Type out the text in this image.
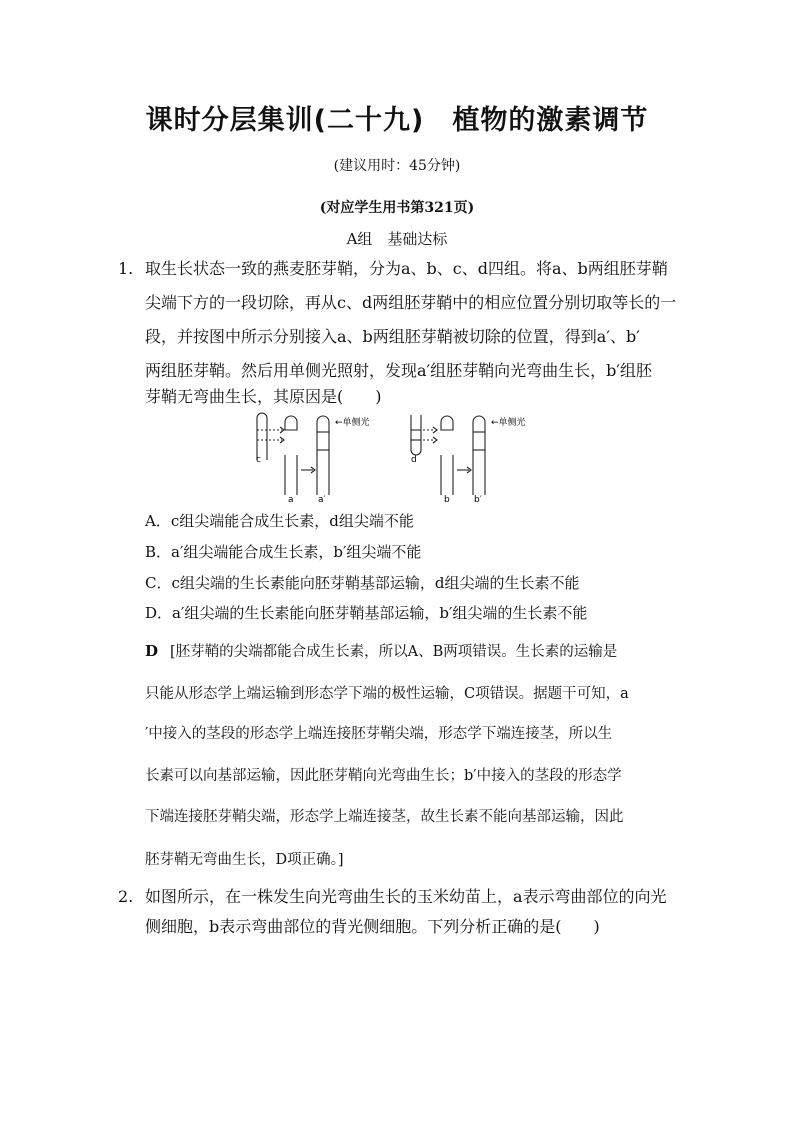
课时分层集训(二十九) 植物的激素调节
(建议用时：45分钟)
(对应学生用书第321页)
A组　基础达标
1. 取生长状态一致的燕麦胚芽鞘，分为a、b、c、d四组。将a、b两组胚芽鞘
尖端下方的一段切除，再从c、d两组胚芽鞘中的相应位置分别切取等长的一
段，并按图中所示分别接入a、b两组胚芽鞘被切除的位置，得到a′、b′
两组胚芽鞘。然后用单侧光照射，发现a′组胚芽鞘向光弯曲生长，b′组胚
芽鞘无弯曲生长，其原因是(　　)
←单侧光	←单侧光
c
a	a′
d
b	b′
A．c组尖端能合成生长素，d组尖端不能
B．a′组尖端能合成生长素，b′组尖端不能
C．c组尖端的生长素能向胚芽鞘基部运输，d组尖端的生长素不能
D．a′组尖端的生长素能向胚芽鞘基部运输，b′组尖端的生长素不能
D [胚芽鞘的尖端都能合成生长素，所以A、B两项错误。生长素的运输是
只能从形态学上端运输到形态学下端的极性运输，C项错误。据题干可知，a
′中接入的茎段的形态学上端连接胚芽鞘尖端，形态学下端连接茎，所以生
长素可以向基部运输，因此胚芽鞘向光弯曲生长；b′中接入的茎段的形态学
下端连接胚芽鞘尖端，形态学上端连接茎，故生长素不能向基部运输，因此
胚芽鞘无弯曲生长，D项正确。]
2. 如图所示，在一株发生向光弯曲生长的玉米幼苗上，a表示弯曲部位的向光
侧细胞，b表示弯曲部位的背光侧细胞。下列分析正确的是(　　)
